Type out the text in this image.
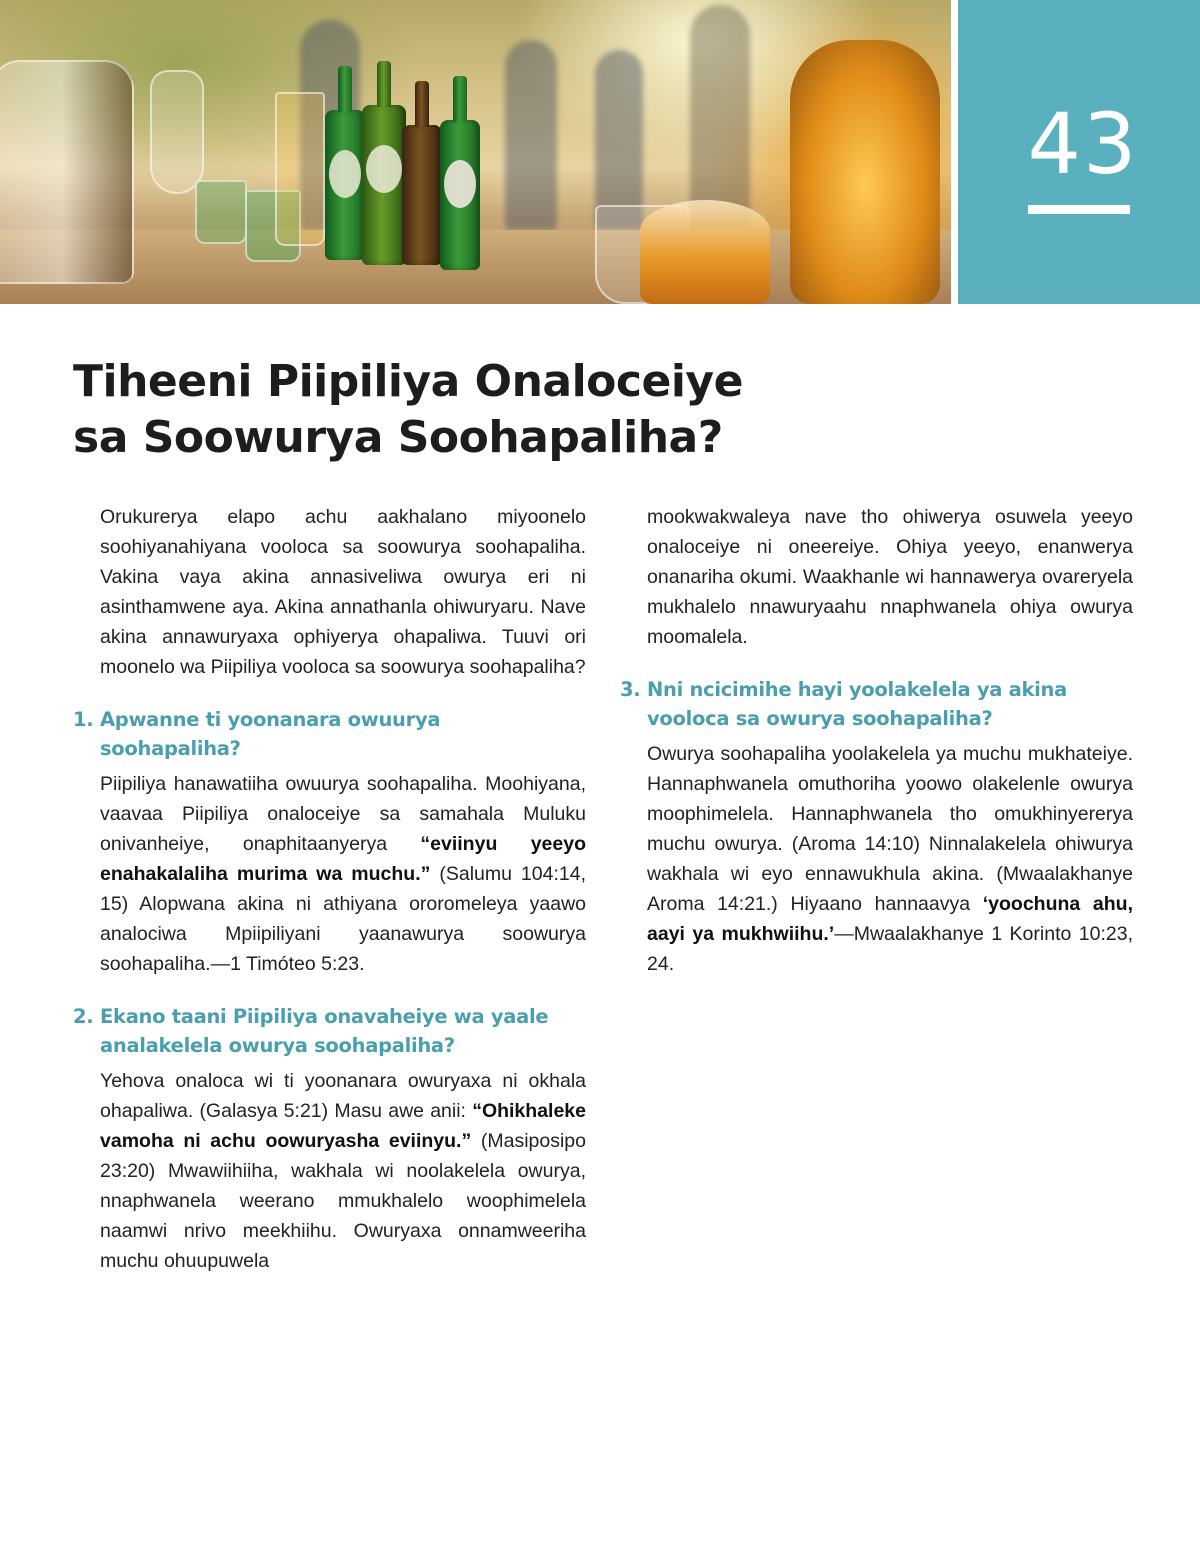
43
Tiheeni Piipiliya Onaloceiye
sa Soowurya Soohapaliha?

Orukurerya elapo achu aakhalano miyoonelo soohiyanahiyana vooloca sa soowurya soohapaliha. Vakina vaya akina annasiveliwa owurya eri ni asinthamwene aya. Akina annathanla ohiwuryaru. Nave akina annawuryaxa ophiyerya ohapaliwa. Tuuvi ori moonelo wa Piipiliya vooloca sa soowurya soohapaliha?

1. Apwanne ti yoonanara owuurya soohapaliha?

Piipiliya hanawatiiha owuurya soohapaliha. Moohiyana, vaavaa Piipiliya onaloceiye sa samahala Muluku onivanheiye, onaphitaanyerya “eviinyu yeeyo enahakalaliha murima wa muchu.” (Salumu 104:14, 15) Alopwana akina ni athiyana ororomeleya yaawo analociwa Mpiipiliyani yaanawurya soowurya soohapaliha.—1 Timóteo 5:23.

2. Ekano taani Piipiliya onavaheiye wa yaale
analakelela owurya soohapaliha?

Yehova onaloca wi ti yoonanara owuryaxa ni okhala ohapaliwa. (Galasya 5:21) Masu awe anii: “Ohikhaleke vamoha ni achu oowuryasha eviinyu.” (Masiposipo 23:20) Mwawiihiiha, wakhala wi noolakelela owurya, nnaphwanela weerano mmukhalelo woophimelela naamwi nrivo meekhiihu. Owuryaxa onnamweeriha muchu ohuupuwela

mookwakwaleya nave tho ohiwerya osuwela yeeyo onaloceiye ni oneereiye. Ohiya yeeyo, enanwerya onanariha okumi. Waakhanle wi hannawerya ovareryela mukhalelo nnawuryaahu nnaphwanela ohiya owurya moomalela.

3. Nni ncicimihe hayi yoolakelela ya akina
vooloca sa owurya soohapaliha?

Owurya soohapaliha yoolakelela ya muchu mukhateiye. Hannaphwanela omuthoriha yoowo olakelenle owurya moophimelela. Hannaphwanela tho omukhinyererya muchu owurya. (Aroma 14:10) Ninnalakelela ohiwurya wakhala wi eyo ennawukhula akina. (Mwaalakhanye Aroma 14:21.) Hiyaano hannaavya ‘yoochuna ahu, aayi ya mukhwiihu.’—Mwaalakhanye 1 Korinto 10:23, 24.
